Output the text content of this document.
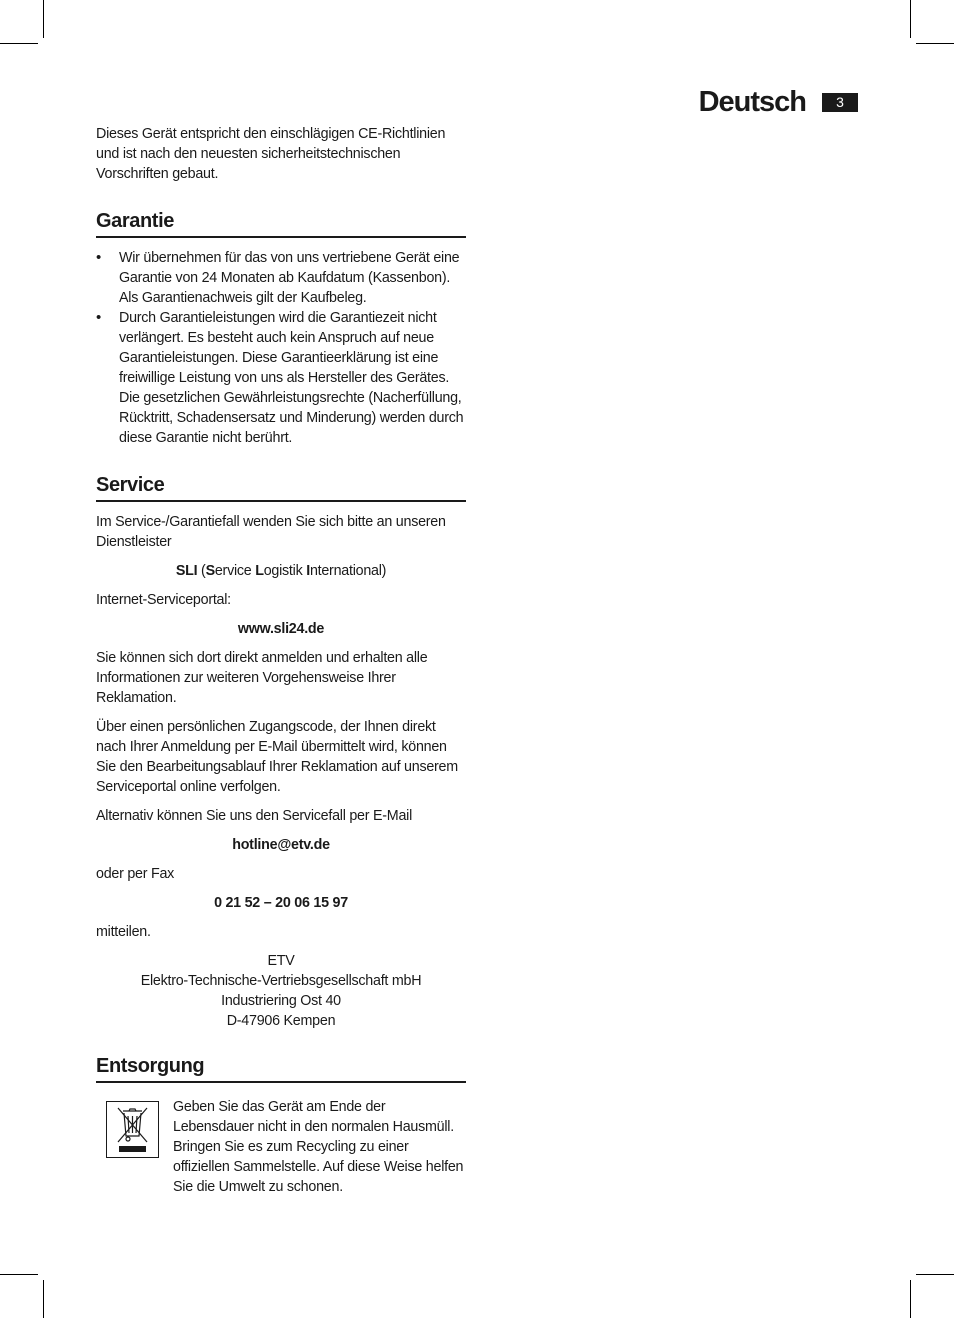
Deutsch	3

Dieses Gerät entspricht den einschlägigen CE-Richtlinien und ist nach den neuesten sicherheitstechnischen Vorschriften gebaut.

Garantie
• Wir übernehmen für das von uns vertriebene Gerät eine Garantie von 24 Monaten ab Kaufdatum (Kassenbon). Als Garantienachweis gilt der Kaufbeleg.
• Durch Garantieleistungen wird die Garantiezeit nicht verlängert. Es besteht auch kein Anspruch auf neue Garantieleistungen. Diese Garantieerklärung ist eine freiwillige Leistung von uns als Hersteller des Gerätes. Die gesetzlichen Gewährleistungsrechte (Nacherfüllung, Rücktritt, Schadensersatz und Minderung) werden durch diese Garantie nicht berührt.
Service

Im Service-/Garantiefall wenden Sie sich bitte an unseren Dienstleister

SLI (Service Logistik International)

Internet-Serviceportal:

www.sli24.de

Sie können sich dort direkt anmelden und erhalten alle Informationen zur weiteren Vorgehensweise Ihrer Reklamation.

Über einen persönlichen Zugangscode, der Ihnen direkt nach Ihrer Anmeldung per E-Mail übermittelt wird, können Sie den Bearbeitungsablauf Ihrer Reklamation auf unserem Serviceportal online verfolgen.

Alternativ können Sie uns den Servicefall per E-Mail

hotline@etv.de

oder per Fax

0 21 52 – 20 06 15 97

mitteilen.

ETV
Elektro-Technische-Vertriebsgesellschaft mbH
Industriering Ost 40
D-47906 Kempen
Entsorgung

Geben Sie das Gerät am Ende der Lebensdauer nicht in den normalen Hausmüll. Bringen Sie es zum Recycling zu einer offiziellen Sammelstelle. Auf diese Weise helfen Sie die Umwelt zu schonen.
